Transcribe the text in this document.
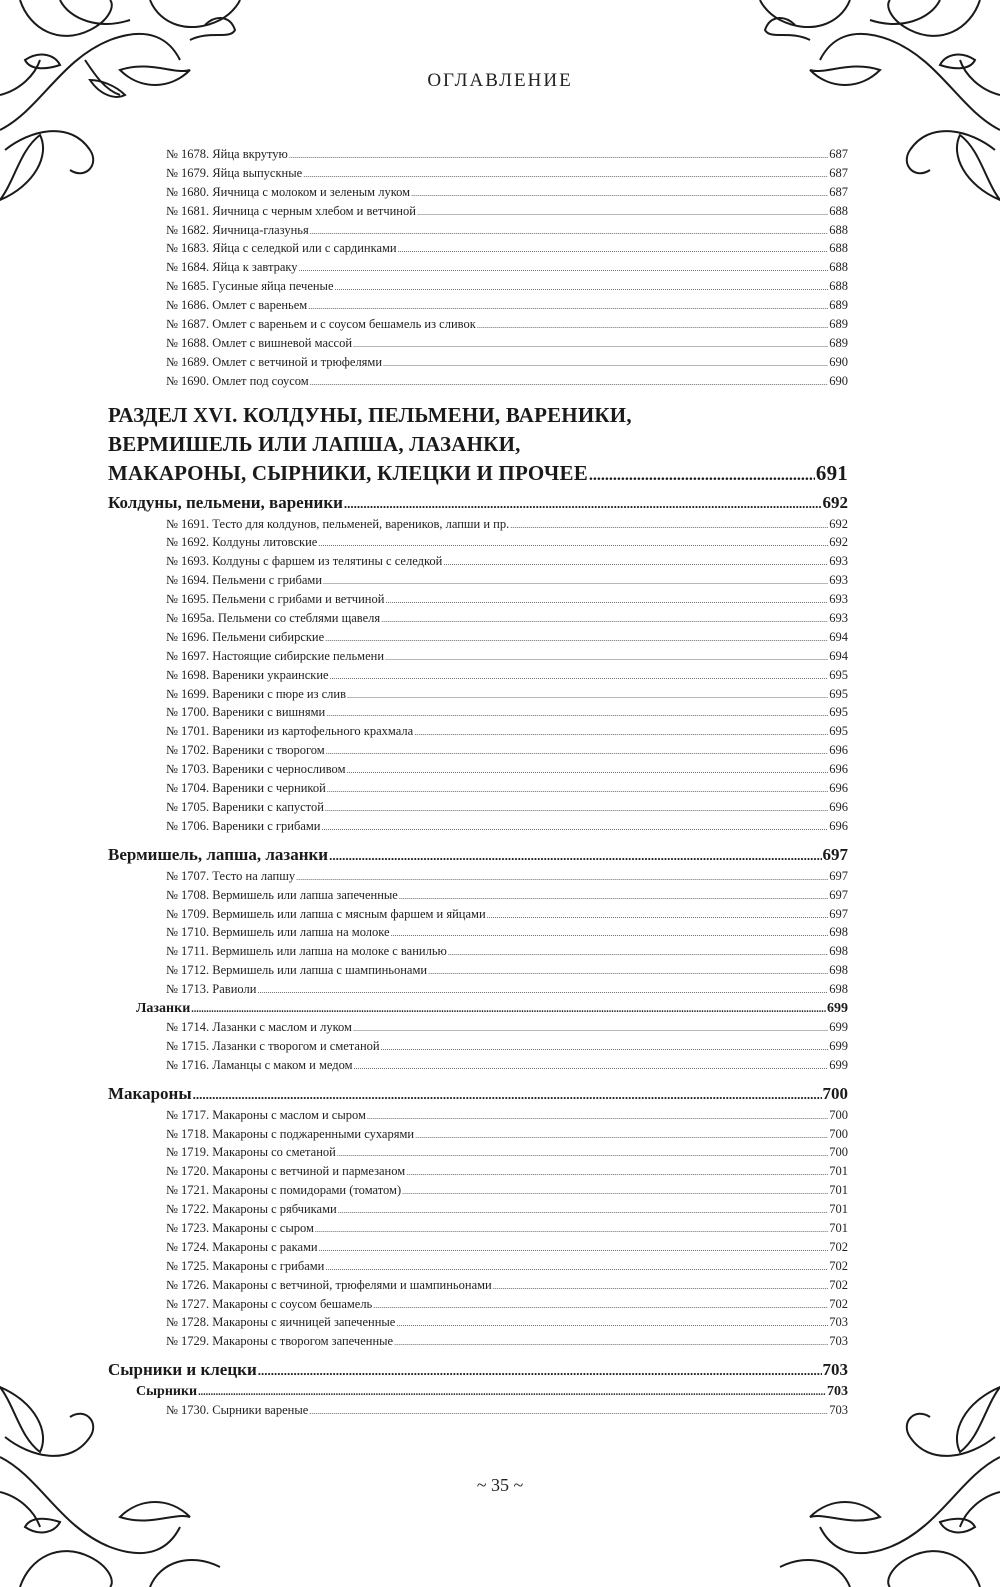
ОГЛАВЛЕНИЕ
№ 1678. Яйца вкрутую .....	687
№ 1679. Яйца выпускные .....	687
№ 1680. Яичница с молоком и зеленым луком .....	687
№ 1681. Яичница с черным хлебом и ветчиной .....	688
№ 1682. Яичница-глазунья .....	688
№ 1683. Яйца с селедкой или с сардинками .....	688
№ 1684. Яйца к завтраку .....	688
№ 1685. Гусиные яйца печеные .....	688
№ 1686. Омлет с вареньем .....	689
№ 1687. Омлет с вареньем и с соусом бешамель из сливок .....	689
№ 1688. Омлет с вишневой массой .....	689
№ 1689. Омлет с ветчиной и трюфелями .....	690
№ 1690. Омлет под соусом .....	690
РАЗДЕЛ XVI. КОЛДУНЫ, ПЕЛЬМЕНИ, ВАРЕНИКИ,
ВЕРМИШЕЛЬ ИЛИ ЛАПША, ЛАЗАНКИ,
МАКАРОНЫ, СЫРНИКИ, КЛЕЦКИ И ПРОЧЕЕ .....	691
Колдуны, пельмени, вареники .....	692
№ 1691. Тесто для колдунов, пельменей, вареников, лапши и пр. .....	692
№ 1692. Колдуны литовские .....	692
№ 1693. Колдуны с фаршем из телятины с селедкой .....	693
№ 1694. Пельмени с грибами .....	693
№ 1695. Пельмени с грибами и ветчиной .....	693
№ 1695а. Пельмени со стеблями щавеля .....	693
№ 1696. Пельмени сибирские .....	694
№ 1697. Настоящие сибирские пельмени .....	694
№ 1698. Вареники украинские .....	695
№ 1699. Вареники с пюре из слив .....	695
№ 1700. Вареники с вишнями .....	695
№ 1701. Вареники из картофельного крахмала .....	695
№ 1702. Вареники с творогом .....	696
№ 1703. Вареники с черносливом .....	696
№ 1704. Вареники с черникой .....	696
№ 1705. Вареники с капустой .....	696
№ 1706. Вареники с грибами .....	696
Вермишель, лапша, лазанки .....	697
№ 1707. Тесто на лапшу .....	697
№ 1708. Вермишель или лапша запеченные .....	697
№ 1709. Вермишель или лапша с мясным фаршем и яйцами .....	697
№ 1710. Вермишель или лапша на молоке .....	698
№ 1711. Вермишель или лапша на молоке с ванилью .....	698
№ 1712. Вермишель или лапша с шампиньонами .....	698
№ 1713. Равиоли .....	698
Лазанки .....	699
№ 1714. Лазанки с маслом и луком .....	699
№ 1715. Лазанки с творогом и сметаной .....	699
№ 1716. Ламанцы с маком и медом .....	699
Макароны .....	700
№ 1717. Макароны с маслом и сыром .....	700
№ 1718. Макароны с поджаренными сухарями .....	700
№ 1719. Макароны со сметаной .....	700
№ 1720. Макароны с ветчиной и пармезаном .....	701
№ 1721. Макароны с помидорами (томатом) .....	701
№ 1722. Макароны с рябчиками .....	701
№ 1723. Макароны с сыром .....	701
№ 1724. Макароны с раками .....	702
№ 1725. Макароны с грибами .....	702
№ 1726. Макароны с ветчиной, трюфелями и шампиньонами .....	702
№ 1727. Макароны с соусом бешамель .....	702
№ 1728. Макароны с яичницей запеченные .....	703
№ 1729. Макароны с творогом запеченные .....	703
Сырники и клецки .....	703
Сырники .....	703
№ 1730. Сырники вареные .....	703
~ 35 ~
